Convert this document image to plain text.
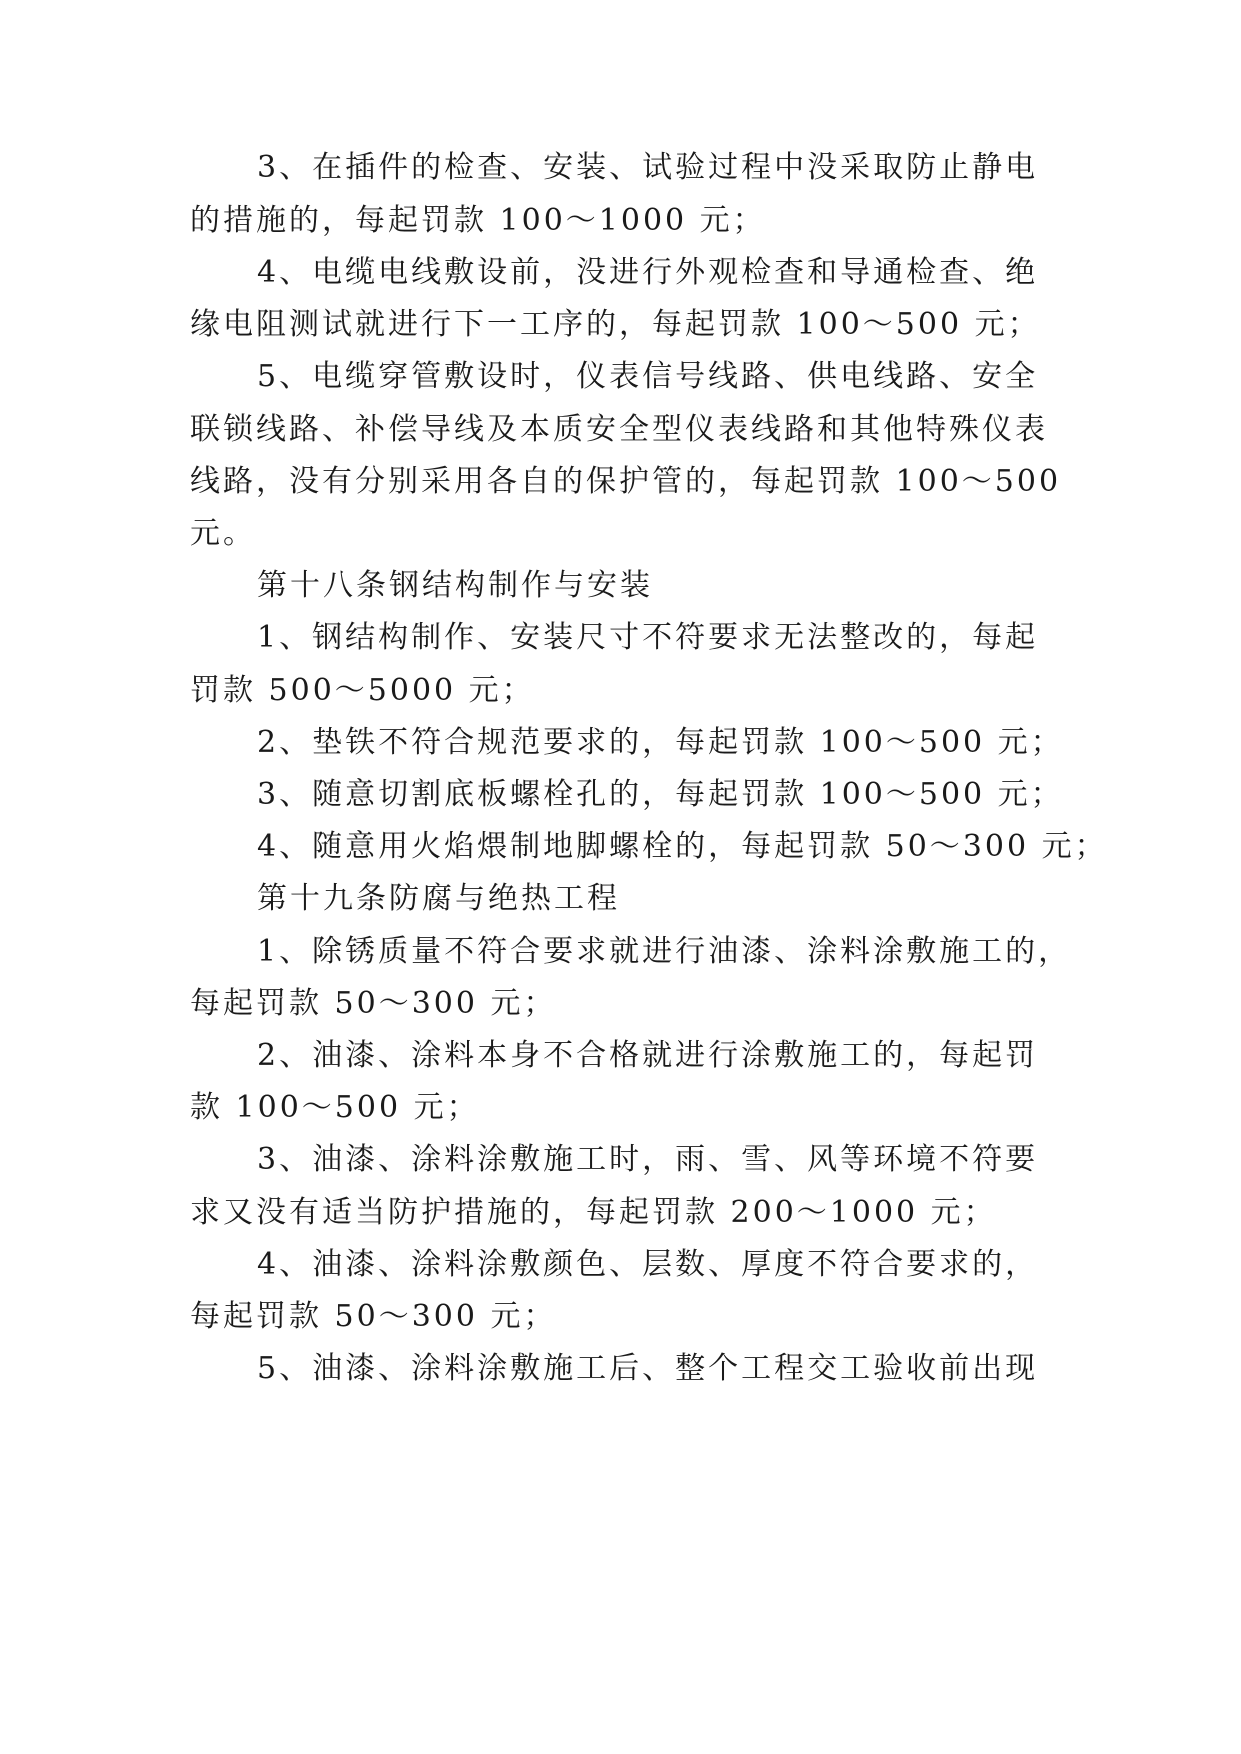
3、在插件的检查、安装、试验过程中没采取防止静电

的措施的，每起罚款 100～1000 元；

4、电缆电线敷设前，没进行外观检查和导通检查、绝

缘电阻测试就进行下一工序的，每起罚款 100～500 元；

5、电缆穿管敷设时，仪表信号线路、供电线路、安全

联锁线路、补偿导线及本质安全型仪表线路和其他特殊仪表

线路，没有分别采用各自的保护管的，每起罚款 100～500

元。

第十八条钢结构制作与安装

1、钢结构制作、安装尺寸不符要求无法整改的，每起

罚款 500～5000 元；

2、垫铁不符合规范要求的，每起罚款 100～500 元；

3、随意切割底板螺栓孔的，每起罚款 100～500 元；

4、随意用火焰煨制地脚螺栓的，每起罚款 50～300 元；

第十九条防腐与绝热工程

1、除锈质量不符合要求就进行油漆、涂料涂敷施工的，

每起罚款 50～300 元；

2、油漆、涂料本身不合格就进行涂敷施工的，每起罚

款 100～500 元；

3、油漆、涂料涂敷施工时，雨、雪、风等环境不符要

求又没有适当防护措施的，每起罚款 200～1000 元；

4、油漆、涂料涂敷颜色、层数、厚度不符合要求的，

每起罚款 50～300 元；

5、油漆、涂料涂敷施工后、整个工程交工验收前出现
